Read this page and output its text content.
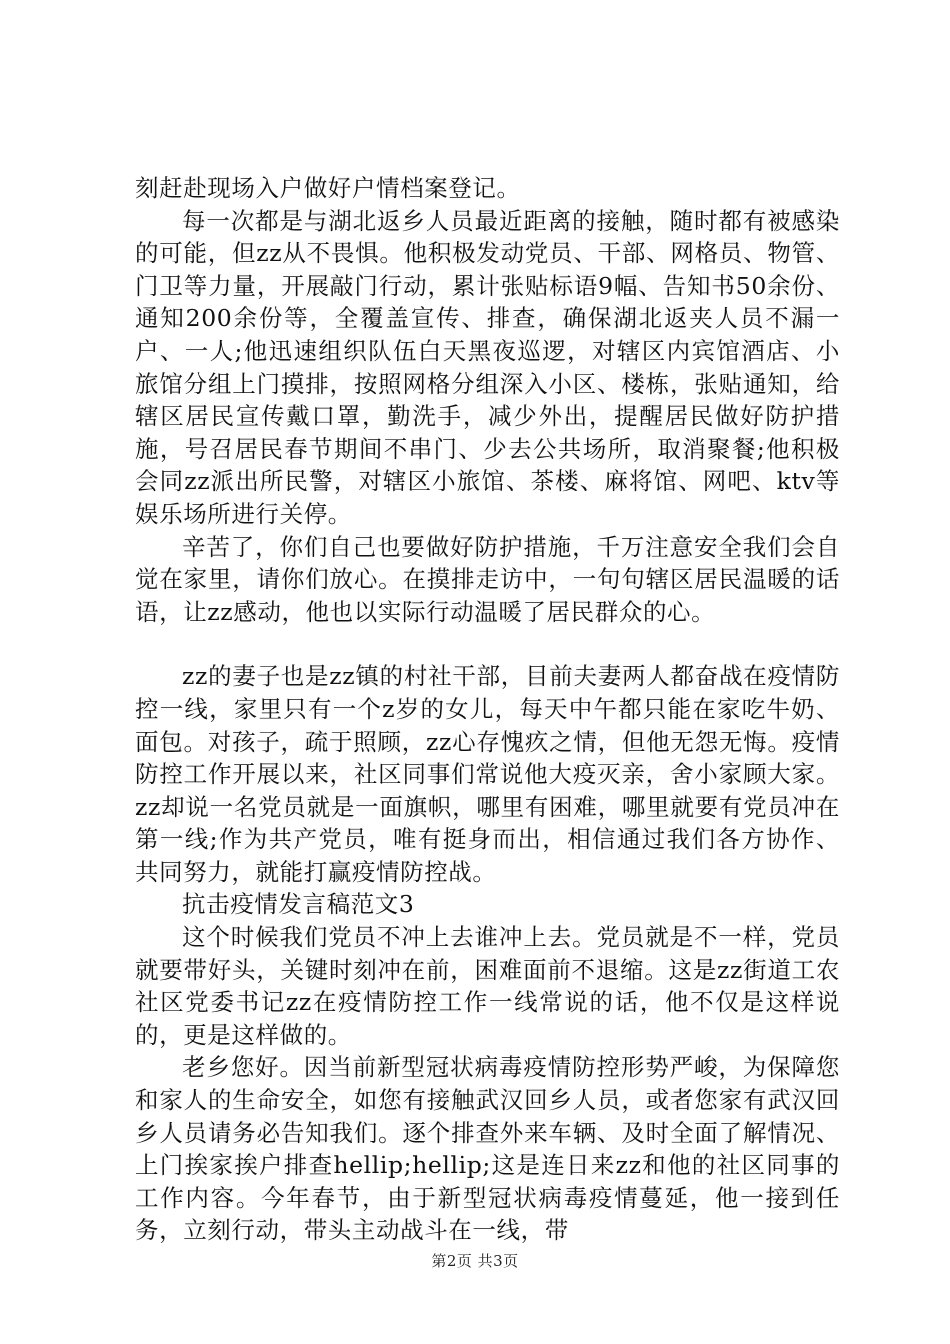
刻赶赴现场入户做好户情档案登记。

每一次都是与湖北返乡人员最近距离的接触，随时都有被感染的可能，但zz从不畏惧。他积极发动党员、干部、网格员、物管、门卫等力量，开展敲门行动，累计张贴标语9幅、告知书50余份、通知200余份等，全覆盖宣传、排查，确保湖北返夹人员不漏一户、一人;他迅速组织队伍白天黑夜巡逻，对辖区内宾馆酒店、小旅馆分组上门摸排，按照网格分组深入小区、楼栋，张贴通知，给辖区居民宣传戴口罩，勤洗手，减少外出，提醒居民做好防护措施，号召居民春节期间不串门、少去公共场所，取消聚餐;他积极会同zz派出所民警，对辖区小旅馆、茶楼、麻将馆、网吧、ktv等娱乐场所进行关停。

辛苦了，你们自己也要做好防护措施，千万注意安全我们会自觉在家里，请你们放心。在摸排走访中，一句句辖区居民温暖的话语，让zz感动，他也以实际行动温暖了居民群众的心。

zz的妻子也是zz镇的村社干部，目前夫妻两人都奋战在疫情防控一线，家里只有一个z岁的女儿，每天中午都只能在家吃牛奶、面包。对孩子，疏于照顾，zz心存愧疚之情，但他无怨无悔。疫情防控工作开展以来，社区同事们常说他大疫灭亲，舍小家顾大家。zz却说一名党员就是一面旗帜，哪里有困难，哪里就要有党员冲在第一线;作为共产党员，唯有挺身而出，相信通过我们各方协作、共同努力，就能打赢疫情防控战。

抗击疫情发言稿范文3

这个时候我们党员不冲上去谁冲上去。党员就是不一样，党员就要带好头，关键时刻冲在前，困难面前不退缩。这是zz街道工农社区党委书记zz在疫情防控工作一线常说的话，他不仅是这样说的，更是这样做的。

老乡您好。因当前新型冠状病毒疫情防控形势严峻，为保障您和家人的生命安全，如您有接触武汉回乡人员，或者您家有武汉回乡人员请务必告知我们。逐个排查外来车辆、及时全面了解情况、上门挨家挨户排查hellip;hellip;这是连日来zz和他的社区同事的工作内容。今年春节，由于新型冠状病毒疫情蔓延，他一接到任务，立刻行动，带头主动战斗在一线，带

第2页 共3页
